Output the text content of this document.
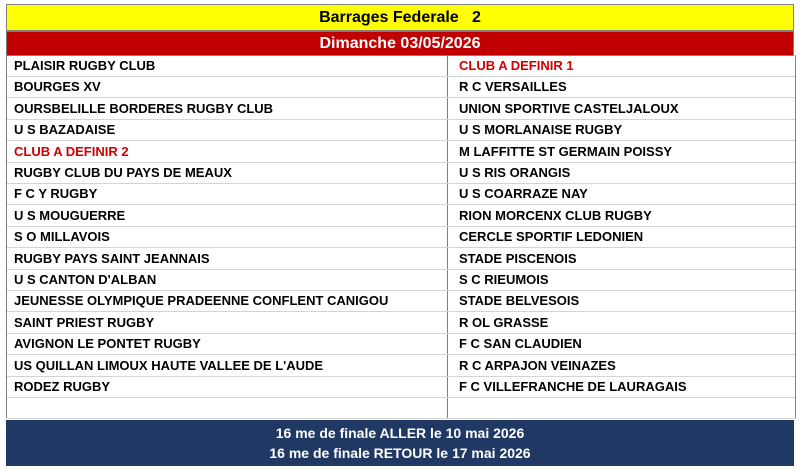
Barrages Federale   2
Dimanche 03/05/2026
PLAISIR RUGBY CLUB	CLUB A DEFINIR 1
BOURGES XV	R C VERSAILLES
OURSBELILLE BORDERES RUGBY CLUB	UNION SPORTIVE CASTELJALOUX
U S BAZADAISE	U S MORLANAISE RUGBY
CLUB A DEFINIR 2	M LAFFITTE ST GERMAIN POISSY
RUGBY CLUB DU PAYS DE MEAUX	U S RIS ORANGIS
F C Y RUGBY	U S COARRAZE NAY
U S MOUGUERRE	RION MORCENX CLUB RUGBY
S O MILLAVOIS	CERCLE SPORTIF LEDONIEN
RUGBY PAYS SAINT JEANNAIS	STADE PISCENOIS
U S CANTON D'ALBAN	S C RIEUMOIS
JEUNESSE OLYMPIQUE PRADEENNE CONFLENT CANIGOU	STADE BELVESOIS
SAINT PRIEST RUGBY	R OL GRASSE
AVIGNON LE PONTET RUGBY	F C SAN CLAUDIEN
US QUILLAN LIMOUX HAUTE VALLEE DE L'AUDE	R C ARPAJON VEINAZES
RODEZ RUGBY	F C VILLEFRANCHE DE LAURAGAIS
16 me de finale ALLER le 10 mai 2026
16 me de finale RETOUR le 17 mai 2026
